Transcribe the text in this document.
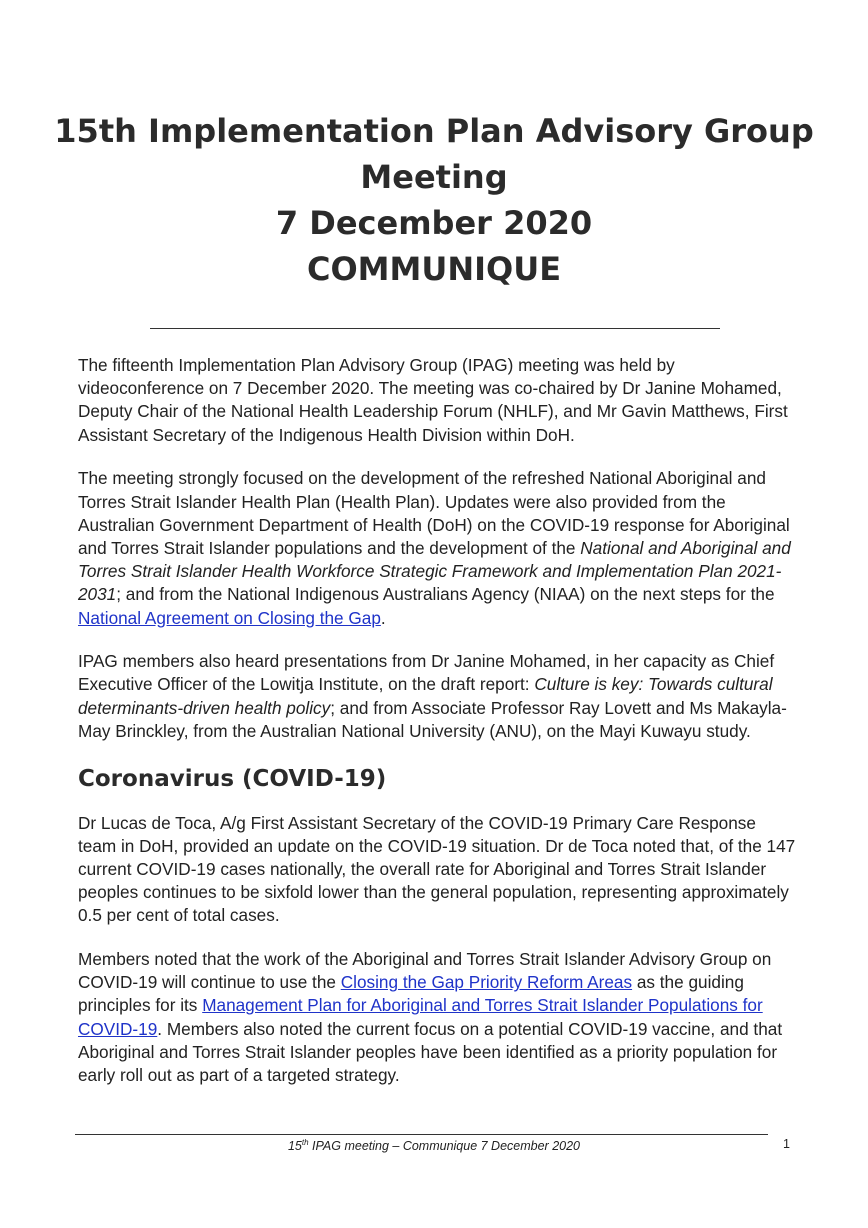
15th Implementation Plan Advisory Group
Meeting
7 December 2020
COMMUNIQUE

The fifteenth Implementation Plan Advisory Group (IPAG) meeting was held by videoconference on 7 December 2020. The meeting was co-chaired by Dr Janine Mohamed, Deputy Chair of the National Health Leadership Forum (NHLF), and Mr Gavin Matthews, First Assistant Secretary of the Indigenous Health Division within DoH.

The meeting strongly focused on the development of the refreshed National Aboriginal and Torres Strait Islander Health Plan (Health Plan). Updates were also provided from the Australian Government Department of Health (DoH) on the COVID-19 response for Aboriginal and Torres Strait Islander populations and the development of the National and Aboriginal and Torres Strait Islander Health Workforce Strategic Framework and Implementation Plan 2021-2031; and from the National Indigenous Australians Agency (NIAA) on the next steps for the National Agreement on Closing the Gap.

IPAG members also heard presentations from Dr Janine Mohamed, in her capacity as Chief Executive Officer of the Lowitja Institute, on the draft report: Culture is key: Towards cultural determinants-driven health policy; and from Associate Professor Ray Lovett and Ms Makayla-May Brinckley, from the Australian National University (ANU), on the Mayi Kuwayu study.

Coronavirus (COVID-19)

Dr Lucas de Toca, A/g First Assistant Secretary of the COVID-19 Primary Care Response team in DoH, provided an update on the COVID-19 situation. Dr de Toca noted that, of the 147 current COVID-19 cases nationally, the overall rate for Aboriginal and Torres Strait Islander peoples continues to be sixfold lower than the general population, representing approximately 0.5 per cent of total cases.

Members noted that the work of the Aboriginal and Torres Strait Islander Advisory Group on COVID-19 will continue to use the Closing the Gap Priority Reform Areas as the guiding principles for its Management Plan for Aboriginal and Torres Strait Islander Populations for COVID-19. Members also noted the current focus on a potential COVID-19 vaccine, and that Aboriginal and Torres Strait Islander peoples have been identified as a priority population for early roll out as part of a targeted strategy.

15th IPAG meeting – Communique 7 December 2020	1
